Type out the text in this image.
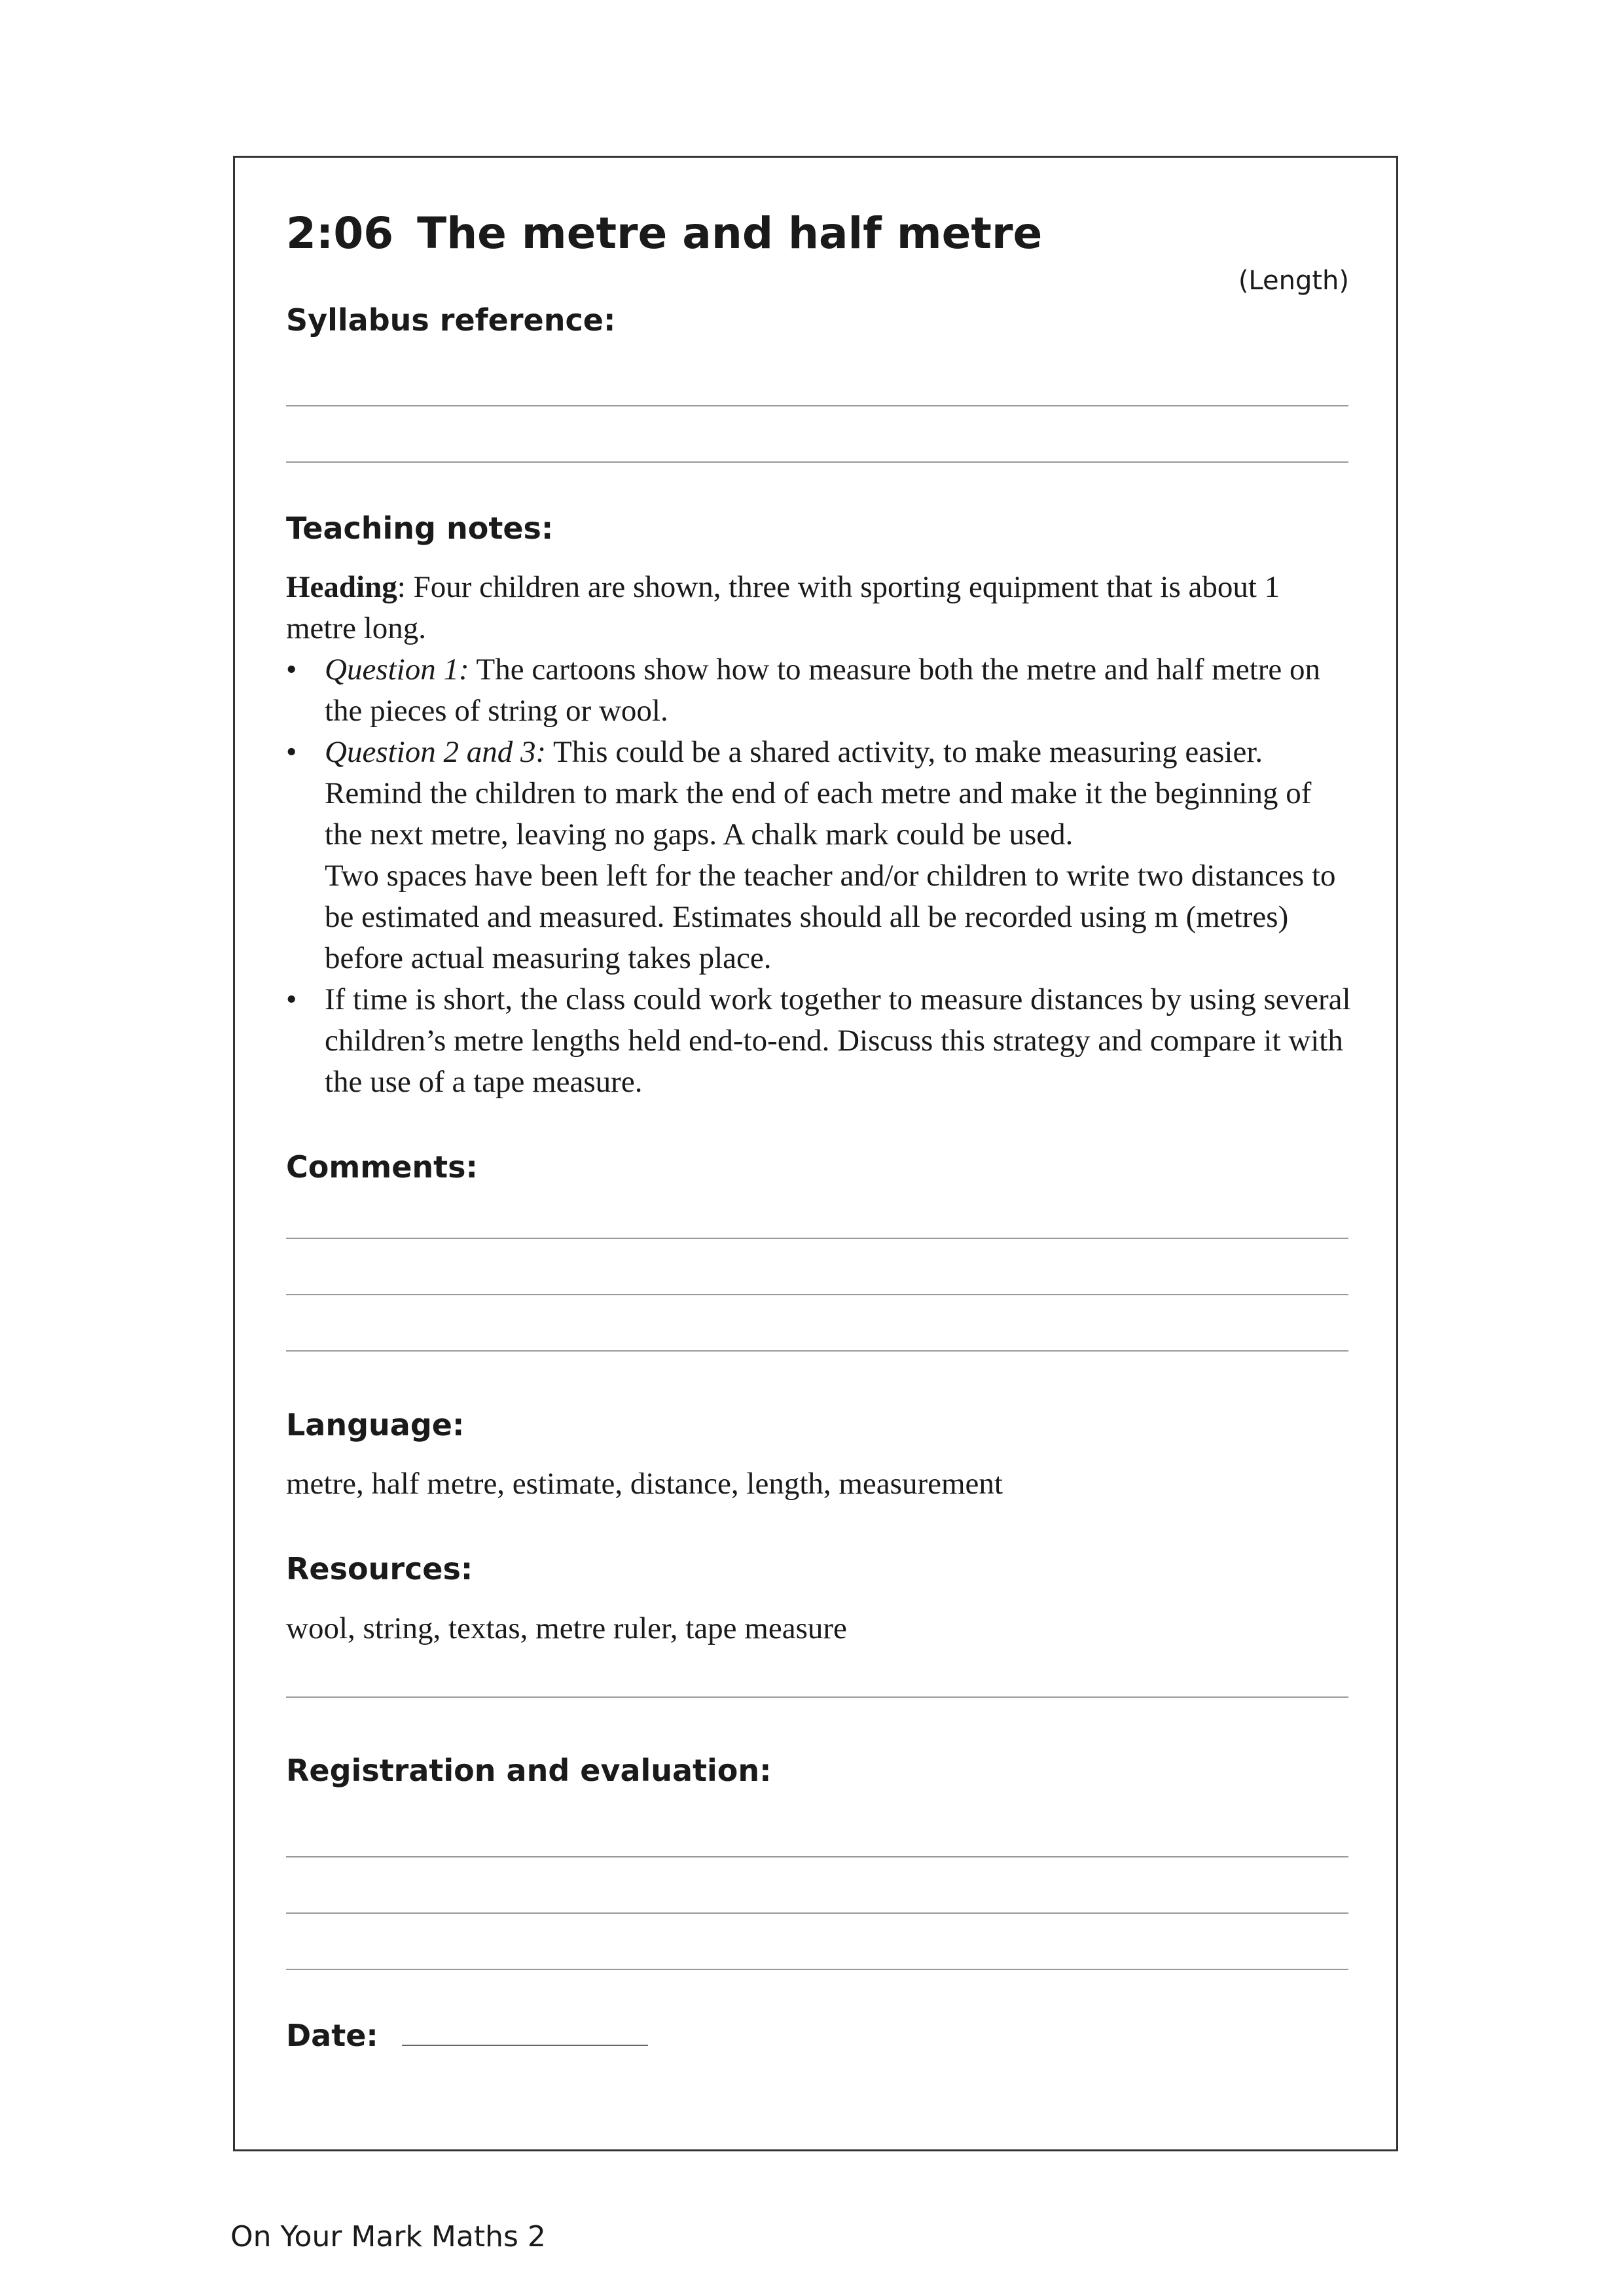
2:06 The metre and half metre
(Length)
Syllabus reference:
Teaching notes:

Heading: Four children are shown, three with sporting equipment that is about 1 metre long.

• Question 1: The cartoons show how to measure both the metre and half metre on the pieces of string or wool.

• Question 2 and 3: This could be a shared activity, to make measuring easier. Remind the children to mark the end of each metre and make it the beginning of the next metre, leaving no gaps. A chalk mark could be used.

Two spaces have been left for the teacher and/or children to write two distances to be estimated and measured. Estimates should all be recorded using m (metres) before actual measuring takes place.

• If time is short, the class could work together to measure distances by using several children’s metre lengths held end-to-end. Discuss this strategy and compare it with the use of a tape measure.

Comments:
Language:
metre, half metre, estimate, distance, length, measurement
Resources:
wool, string, textas, metre ruler, tape measure
Registration and evaluation:
Date:
On Your Mark Maths 2
